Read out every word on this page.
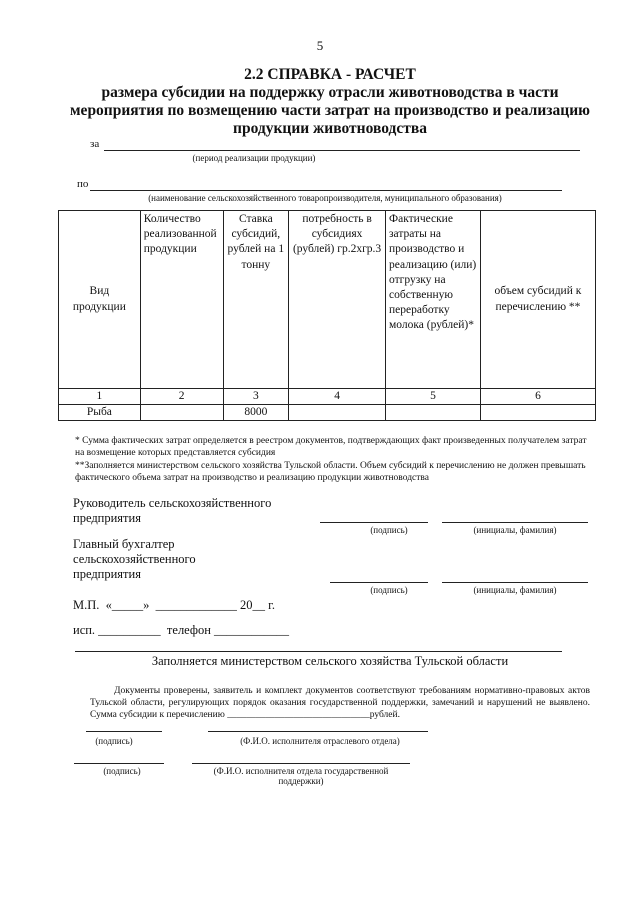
5
2.2 СПРАВКА - РАСЧЕТ
размера субсидии на поддержку отрасли животноводства в части
мероприятия по возмещению части затрат на производство и реализацию
продукции животноводства
за
(период реализации продукции)
по
(наименование сельскохозяйственного товаропроизводителя, муниципального образования)
Вид продукции	Количество реализованной продукции	Ставка субсидий, рублей на 1 тонну	потребность в субсидиях (рублей) гр.2хгр.3	Фактические затраты на производство и реализацию (или) отгрузку на собственную переработку молока (рублей)*	объем субсидий к перечислению **
1	2	3	4	5	6
Рыба		8000			
* Сумма фактических затрат определяется в реестром документов, подтверждающих факт произведенных получателем затрат на возмещение которых представляется субсидия
**Заполняется министерством сельского хозяйства Тульской области. Объем субсидий к перечислению не должен превышать фактического объема затрат на производство и реализацию продукции животноводства
Руководитель сельскохозяйственного
предприятия
(подпись)	(инициалы, фамилия)
Главный бухгалтер
сельскохозяйственного
предприятия
(подпись)	(инициалы, фамилия)
М.П.  «_____»  _____________ 20__ г.
исп. __________  телефон ____________
Заполняется министерством сельского хозяйства Тульской области
Документы проверены, заявитель и комплект документов соответствуют требованиям нормативно-правовых актов Тульской области, регулирующих порядок оказания государственной поддержки, замечаний и нарушений не выявлено. Сумма субсидии к перечислению ______________________________рублей.
(подпись)	(Ф.И.О. исполнителя отраслевого отдела)
(подпись)	(Ф.И.О. исполнителя отдела государственной поддержки)
